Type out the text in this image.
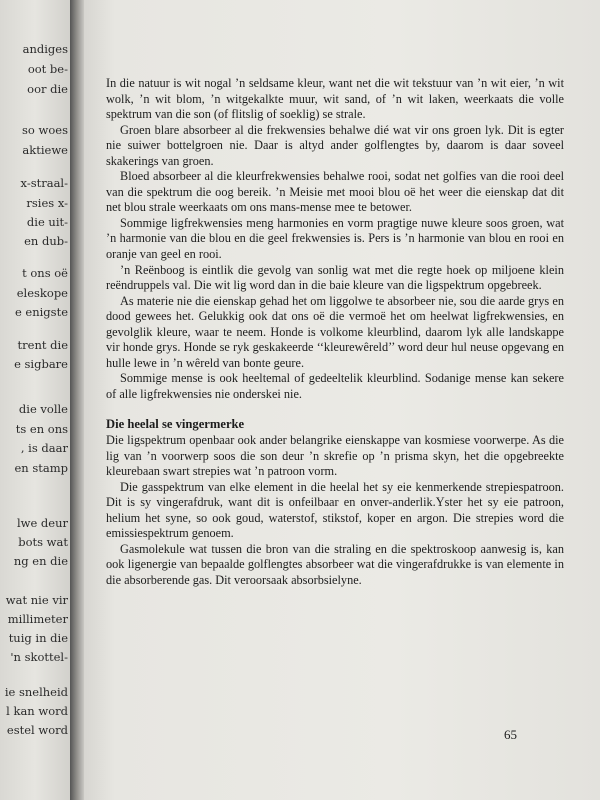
andiges
oot be-
oor die
so woes
aktiewe
x-straal-
rsies x-
die uit-
en dub-
t ons oë
eleskope
e enigste
trent die
e sigbare
die volle
ts en ons
, is daar
en stamp
lwe deur
bots wat
ng en die
wat nie vir
millimeter
tuig in die
'n skottel-
ie snelheid
l kan word
estel word

In die natuur is wit nogal ’n seldsame kleur, want net die wit tekstuur van ’n wit eier, ’n wit wolk, ’n wit blom, ’n witgekalkte muur, wit sand, of ’n wit laken, weerkaats die volle spektrum van die son (of flitslig of soeklig) se strale.

Groen blare absorbeer al die frekwensies behalwe dié wat vir ons groen lyk. Dit is egter nie suiwer bottelgroen nie. Daar is altyd ander golflengtes by, daarom is daar soveel skakerings van groen.

Bloed absorbeer al die kleurfrekwensies behalwe rooi, sodat net golfies van die rooi deel van die spektrum die oog bereik. ’n Meisie met mooi blou oë het weer die eienskap dat dit net blou strale weerkaats om ons mans-mense mee te betower.

Sommige ligfrekwensies meng harmonies en vorm pragtige nuwe kleure soos groen, wat ’n harmonie van die blou en die geel frekwensies is. Pers is ’n harmonie van blou en rooi en oranje van geel en rooi.

’n Reënboog is eintlik die gevolg van sonlig wat met die regte hoek op miljoene klein reëndruppels val. Die wit lig word dan in die baie kleure van die ligspektrum opgebreek.

As materie nie die eienskap gehad het om liggolwe te absorbeer nie, sou die aarde grys en dood gewees het. Gelukkig ook dat ons oë die vermoë het om heelwat ligfrekwensies, en gevolglik kleure, waar te neem. Honde is volkome kleurblind, daarom lyk alle landskappe vir honde grys. Honde se ryk geskakeerde ‘‘kleurewêreld’’ word deur hul neuse opgevang en hulle lewe in ’n wêreld van bonte geure.

Sommige mense is ook heeltemal of gedeeltelik kleurblind. Sodanige mense kan sekere of alle ligfrekwensies nie onderskei nie.

Die heelal se vingermerke

Die ligspektrum openbaar ook ander belangrike eienskappe van kosmiese voorwerpe. As die lig van ’n voorwerp soos die son deur ’n skrefie op ’n prisma skyn, het die opgebreekte kleurebaan swart strepies wat ’n patroon vorm.

Die gasspektrum van elke element in die heelal het sy eie kenmerkende strepiespatroon. Dit is sy vingerafdruk, want dit is onfeilbaar en onver-anderlik.Yster het sy eie patroon, helium het syne, so ook goud, waterstof, stikstof, koper en argon. Die strepies word die emissiespektrum genoem.

Gasmolekule wat tussen die bron van die straling en die spektroskoop aanwesig is, kan ook ligenergie van bepaalde golflengtes absorbeer wat die vingerafdrukke is van elemente in die absorberende gas. Dit veroorsaak absorbsielyne.

65
